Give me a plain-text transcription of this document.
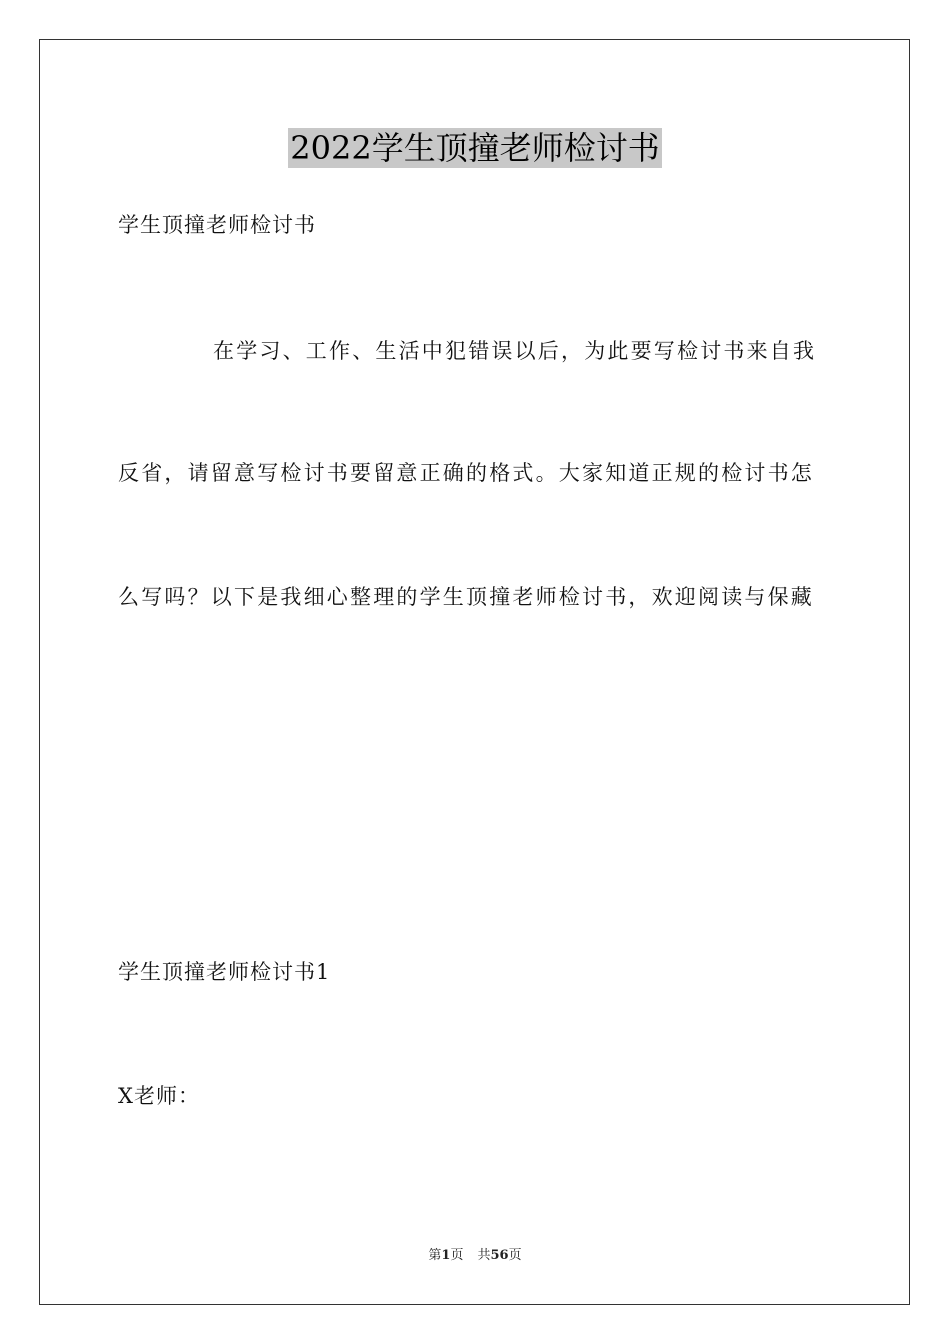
2022学生顶撞老师检讨书
学生顶撞老师检讨书
在学习、工作、生活中犯错误以后，为此要写检讨书来自我
反省，请留意写检讨书要留意正确的格式。大家知道正规的检讨书怎
么写吗？以下是我细心整理的学生顶撞老师检讨书，欢迎阅读与保藏
学生顶撞老师检讨书1
X老师：
第1页 共56页
